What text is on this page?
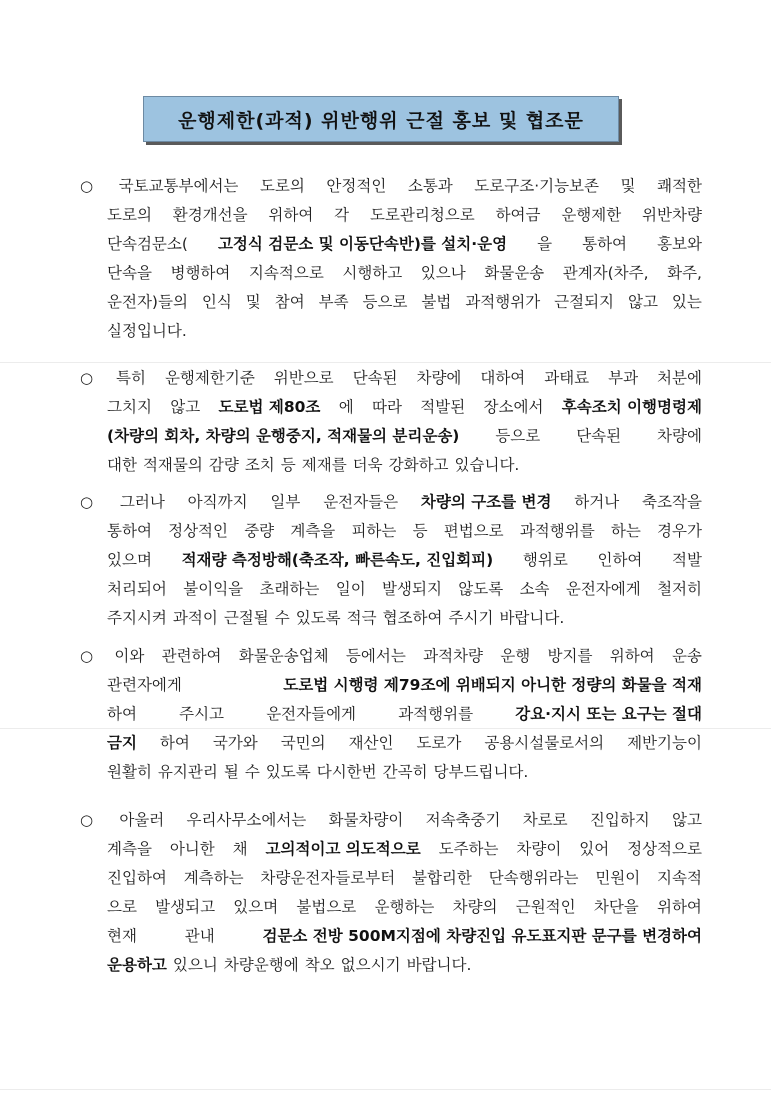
운행제한(과적) 위반행위 근절 홍보 및 협조문
○ 국토교통부에서는 도로의 안정적인 소통과 도로구조·기능보존 및 쾌적한
도로의 환경개선을 위하여 각 도로관리청으로 하여금 운행제한 위반차량
단속검문소( 고정식 검문소 및 이동단속반)를 설치·운영 을 통하여 홍보와
단속을 병행하여 지속적으로 시행하고 있으나 화물운송 관계자(차주, 화주,
운전자)들의 인식 및 참여 부족 등으로 불법 과적행위가 근절되지 않고 있는
실정입니다.
○ 특히 운행제한기준 위반으로 단속된 차량에 대하여 과태료 부과 처분에
그치지 않고 도로법 제80조 에 따라 적발된 장소에서 후속조치 이행명령제
(차량의 회차, 차량의 운행중지, 적재물의 분리운송) 등으로 단속된 차량에
대한 적재물의 감량 조치 등 제재를 더욱 강화하고 있습니다.
○ 그러나 아직까지 일부 운전자들은 차량의 구조를 변경 하거나 축조작을
통하여 정상적인 중량 계측을 피하는 등 편법으로 과적행위를 하는 경우가
있으며 적재량 측정방해(축조작, 빠른속도, 진입회피) 행위로 인하여 적발
처리되어 불이익을 초래하는 일이 발생되지 않도록 소속 운전자에게 철저히
주지시켜 과적이 근절될 수 있도록 적극 협조하여 주시기 바랍니다.
○ 이와 관련하여 화물운송업체 등에서는 과적차량 운행 방지를 위하여 운송
관련자에게	도로법 시행령 제79조에 위배되지 아니한 정량의 화물을 적재
하여	주시고	운전자들에게	과적행위를	강요·지시 또는 요구는 절대
금지 하여 국가와 국민의 재산인 도로가 공용시설물로서의 제반기능이
원활히 유지관리 될 수 있도록 다시한번 간곡히 당부드립니다.
○ 아울러 우리사무소에서는 화물차량이 저속축중기 차로로 진입하지 않고
계측을 아니한 채 고의적이고 의도적으로 도주하는 차량이 있어 정상적으로
진입하여 계측하는 차량운전자들로부터 불합리한 단속행위라는 민원이 지속적
으로 발생되고 있으며 불법으로 운행하는 차량의 근원적인 차단을 위하여
현재	관내	검문소 전방 500M지점에 차량진입 유도표지판 문구를 변경하여
운용하고 있으니 차량운행에 착오 없으시기 바랍니다.
